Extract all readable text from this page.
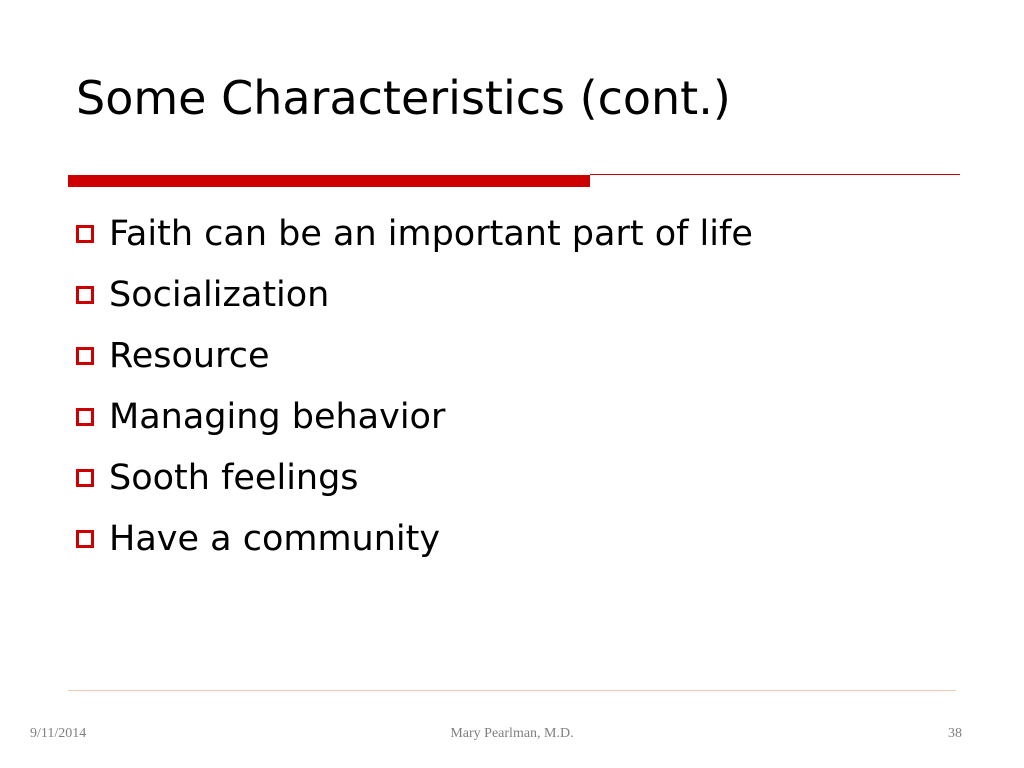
Some Characteristics (cont.)
Faith can be an important part of life
Socialization
Resource
Managing behavior
Sooth feelings
Have a community
9/11/2014	Mary Pearlman, M.D.	38
